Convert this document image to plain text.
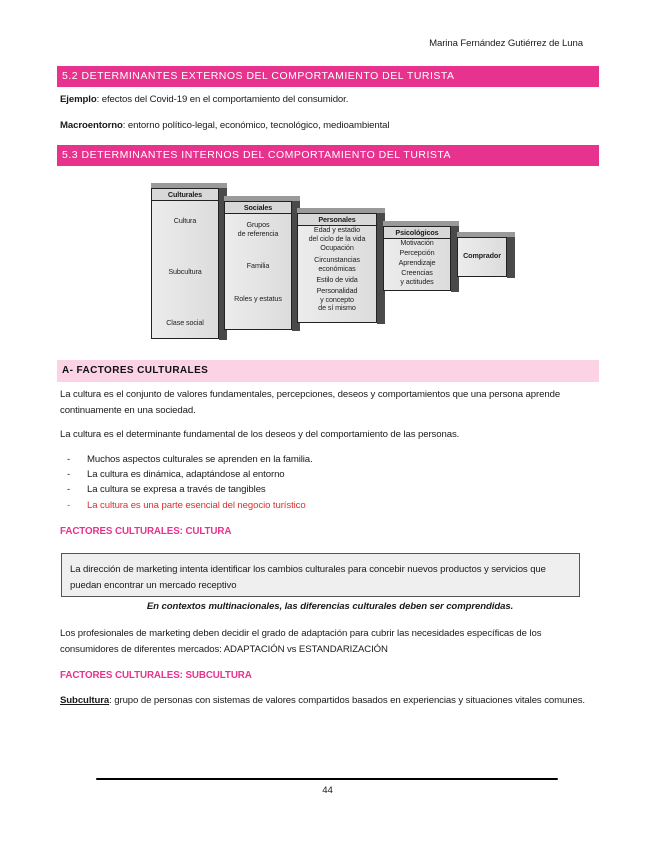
Marina Fernández Gutiérrez de Luna
5.2 DETERMINANTES EXTERNOS DEL COMPORTAMIENTO DEL TURISTA
Ejemplo: efectos del Covid-19 en el comportamiento del consumidor.
Macroentorno: entorno político-legal, económico, tecnológico, medioambiental
5.3 DETERMINANTES INTERNOS DEL COMPORTAMIENTO DEL TURISTA
Culturales
Cultura
Subcultura
Clase social
Sociales
Grupos
de referencia
Familia
Roles y estatus
Personales
Edad y estadio
del ciclo de la vida
Ocupación
Circunstancias
económicas
Estilo de vida
Personalidad
y concepto
de sí mismo
Psicológicos
Motivación
Percepción
Aprendizaje
Creencias
y actitudes
Comprador
A- FACTORES CULTURALES
La cultura es el conjunto de valores fundamentales, percepciones, deseos y comportamientos que una persona aprende continuamente en una sociedad.
La cultura es el determinante fundamental de los deseos y del comportamiento de las personas.
- Muchos aspectos culturales se aprenden en la familia.
- La cultura es dinámica, adaptándose al entorno
- La cultura se expresa a través de tangibles
- La cultura es una parte esencial del negocio turístico
FACTORES CULTURALES: CULTURA
La dirección de marketing intenta identificar los cambios culturales para concebir nuevos productos y servicios que puedan encontrar un mercado receptivo
En contextos multinacionales, las diferencias culturales deben ser comprendidas.
Los profesionales de marketing deben decidir el grado de adaptación para cubrir las necesidades específicas de los consumidores de diferentes mercados: ADAPTACIÓN vs ESTANDARIZACIÓN
FACTORES CULTURALES: SUBCULTURA
Subcultura: grupo de personas con sistemas de valores compartidos basados en experiencias y situaciones vitales comunes.
44
